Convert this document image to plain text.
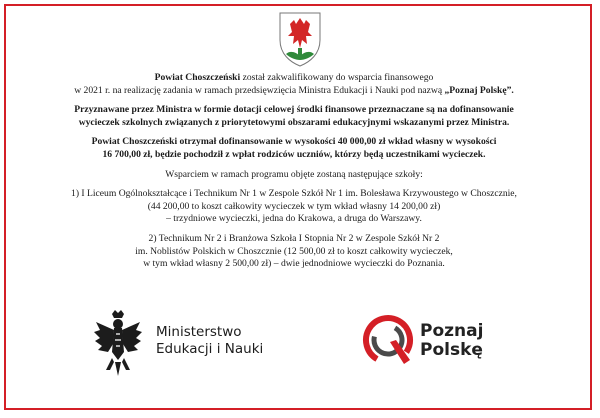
Powiat Choszczeński został zakwalifikowany do wsparcia finansowego
w 2021 r. na realizację zadania w ramach przedsięwzięcia Ministra Edukacji i Nauki pod nazwą „Poznaj Polskę”.

Przyznawane przez Ministra w formie dotacji celowej środki finansowe przeznaczane są na dofinansowanie
wycieczek szkolnych związanych z priorytetowymi obszarami edukacyjnymi wskazanymi przez Ministra.

Powiat Choszczeński otrzymał dofinansowanie w wysokości 40 000,00 zł wkład własny w wysokości
16 700,00 zł, będzie pochodził z wpłat rodziców uczniów, którzy będą uczestnikami wycieczek.

Wsparciem w ramach programu objęte zostaną następujące szkoły:

1) I Liceum Ogólnokształcące i Technikum Nr 1 w Zespole Szkół Nr 1 im. Bolesława Krzywoustego w Choszcznie,
(44 200,00 to koszt całkowity wycieczek w tym wkład własny 14 200,00 zł)
– trzydniowe wycieczki, jedna do Krakowa, a druga do Warszawy.

2) Technikum Nr 2 i Branżowa Szkoła I Stopnia Nr 2 w Zespole Szkół Nr 2
im. Noblistów Polskich w Choszcznie (12 500,00 zł to koszt całkowity wycieczek,
w tym wkład własny 2 500,00 zł) – dwie jednodniowe wycieczki do Poznania.

Ministerstwo
Edukacji i Nauki
Poznaj
Polskę
